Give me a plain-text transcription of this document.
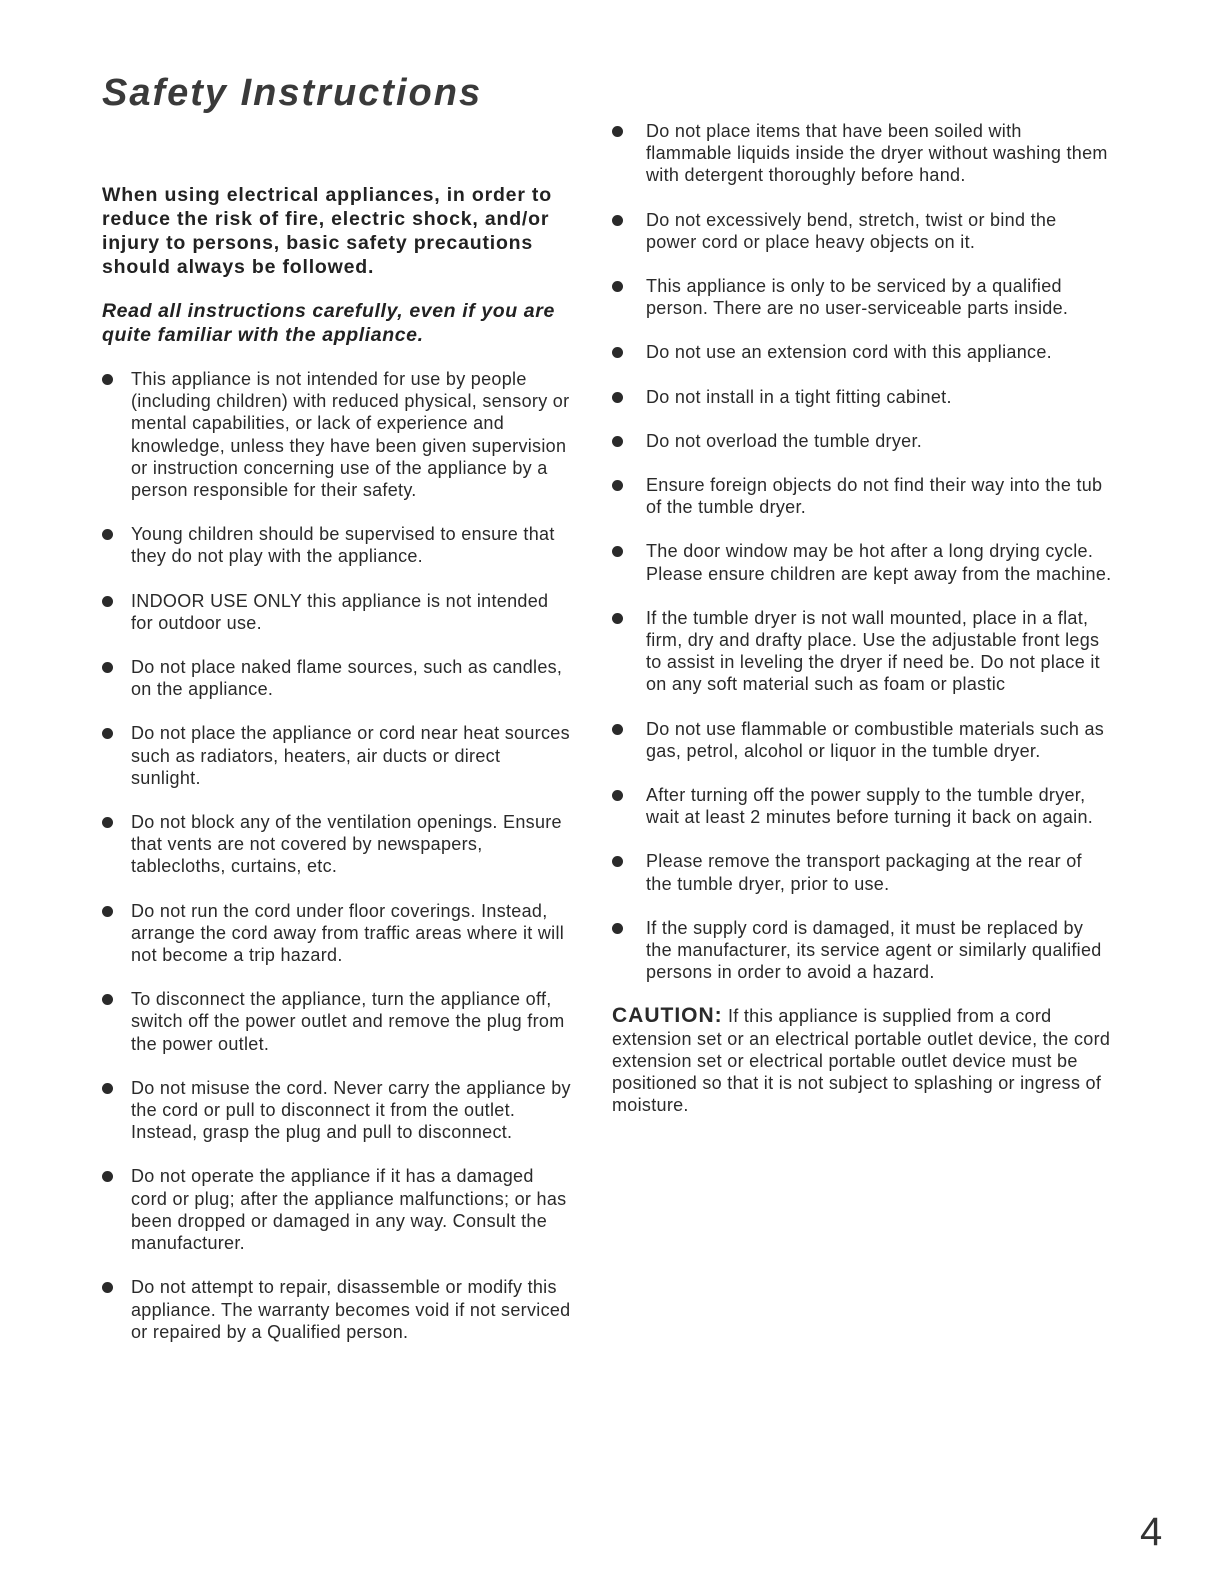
Safety Instructions

When using electrical appliances, in order to reduce the risk of fire, electric shock, and/or injury to persons, basic safety precautions should always be followed.

Read all instructions carefully, even if you are quite familiar with the appliance.

This appliance is not intended for use by people (including children) with reduced physical, sensory or mental capabilities, or lack of experience and knowledge, unless they have been given supervision or instruction concerning use of the appliance by a person responsible for their safety.
Young children should be supervised to ensure that they do not play with the appliance.
INDOOR USE ONLY this appliance is not intended for outdoor use.
Do not place naked flame sources, such as candles, on the appliance.
Do not place the appliance or cord near heat sources such as radiators, heaters, air ducts or direct sunlight.
Do not block any of the ventilation openings. Ensure that vents are not covered by newspapers, tablecloths, curtains, etc.
Do not run the cord under floor coverings. Instead, arrange the cord away from traffic areas where it will not become a trip hazard.
To disconnect the appliance, turn the appliance off, switch off the power outlet and remove the plug from the power outlet.
Do not misuse the cord. Never carry the appliance by the cord or pull to disconnect it from the outlet. Instead, grasp the plug and pull to disconnect.
Do not operate the appliance if it has a damaged cord or plug; after the appliance malfunctions; or has been dropped or damaged in any way. Consult the manufacturer.
Do not attempt to repair, disassemble or modify this appliance. The warranty becomes void if not serviced or repaired by a Qualified person.
Do not place items that have been soiled with flammable liquids inside the dryer without washing them with detergent thoroughly before hand.
Do not excessively bend, stretch, twist or bind the power cord or place heavy objects on it.
This appliance is only to be serviced by a qualified person. There are no user-serviceable parts inside.
Do not use an extension cord with this appliance.
Do not install in a tight fitting cabinet.
Do not overload the tumble dryer.
Ensure foreign objects do not find their way into the tub of the tumble dryer.
The door window may be hot after a long drying cycle. Please ensure children are kept away from the machine.
If the tumble dryer is not wall mounted, place in a flat, firm, dry and drafty place. Use the adjustable front legs to assist in leveling the dryer if need be. Do not place it on any soft material such as foam or plastic
Do not use flammable or combustible materials such as gas, petrol, alcohol or liquor in the tumble dryer.
After turning off the power supply to the tumble dryer, wait at least 2 minutes before turning it back on again.
Please remove the transport packaging at the rear of the tumble dryer, prior to use.
If the supply cord is damaged, it must be replaced by the manufacturer, its service agent or similarly qualified persons in order to avoid a hazard.

CAUTION: If this appliance is supplied from a cord extension set or an electrical portable outlet device, the cord extension set or electrical portable outlet device must be positioned so that it is not subject to splashing or ingress of moisture.

4
